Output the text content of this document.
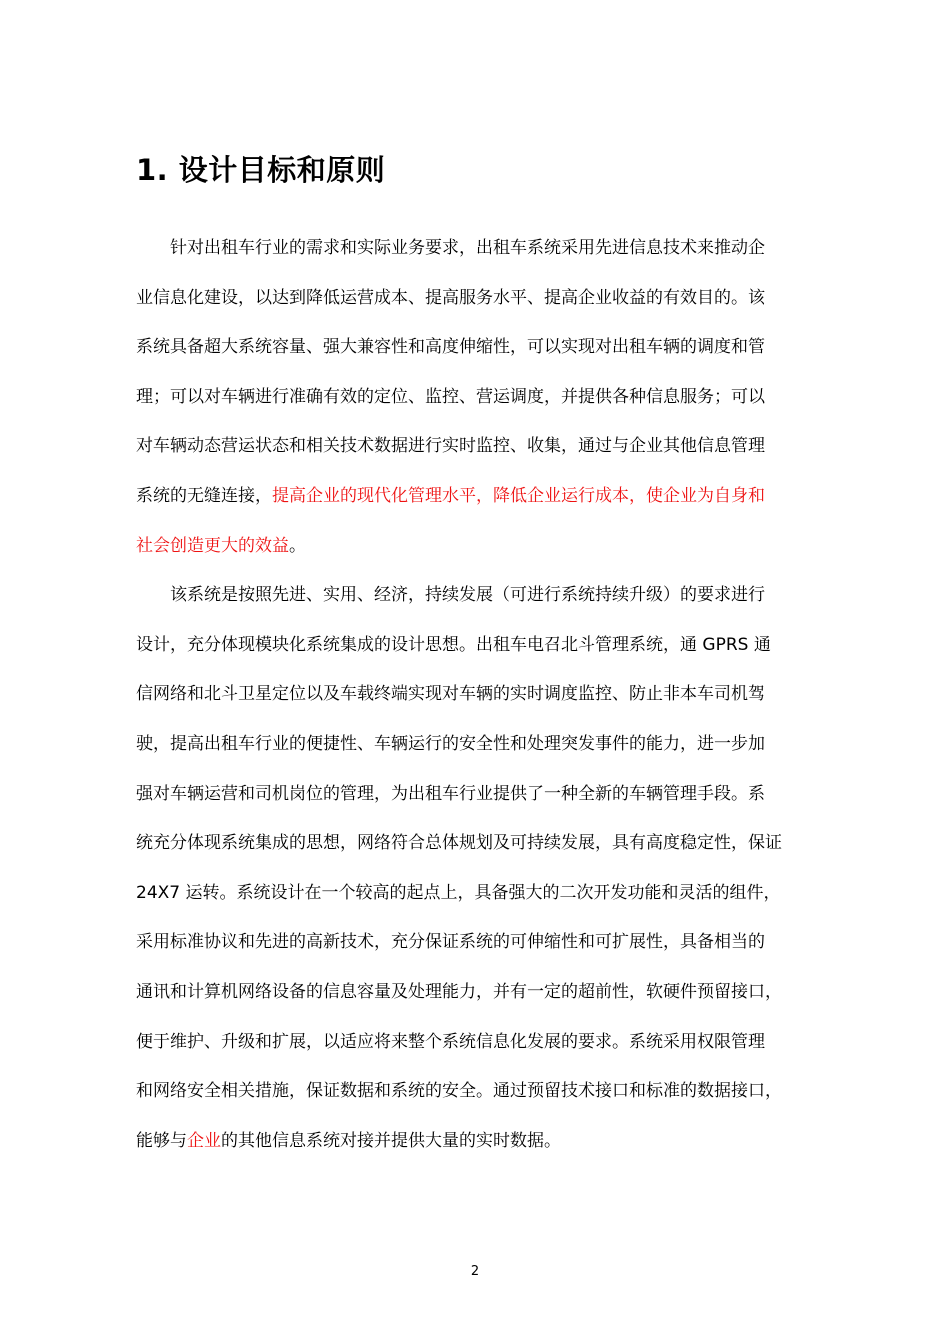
1. 设计目标和原则
针对出租车行业的需求和实际业务要求，出租车系统采用先进信息技术来推动企
业信息化建设，以达到降低运营成本、提高服务水平、提高企业收益的有效目的。该
系统具备超大系统容量、强大兼容性和高度伸缩性，可以实现对出租车辆的调度和管
理；可以对车辆进行准确有效的定位、监控、营运调度，并提供各种信息服务；可以
对车辆动态营运状态和相关技术数据进行实时监控、收集，通过与企业其他信息管理
系统的无缝连接，提高企业的现代化管理水平，降低企业运行成本，使企业为自身和
社会创造更大的效益。
该系统是按照先进、实用、经济，持续发展（可进行系统持续升级）的要求进行
设计，充分体现模块化系统集成的设计思想。出租车电召北斗管理系统，通 GPRS 通
信网络和北斗卫星定位以及车载终端实现对车辆的实时调度监控、防止非本车司机驾
驶，提高出租车行业的便捷性、车辆运行的安全性和处理突发事件的能力，进一步加
强对车辆运营和司机岗位的管理，为出租车行业提供了一种全新的车辆管理手段。系
统充分体现系统集成的思想，网络符合总体规划及可持续发展，具有高度稳定性，保证
24X7 运转。系统设计在一个较高的起点上，具备强大的二次开发功能和灵活的组件，
采用标准协议和先进的高新技术，充分保证系统的可伸缩性和可扩展性，具备相当的
通讯和计算机网络设备的信息容量及处理能力，并有一定的超前性，软硬件预留接口，
便于维护、升级和扩展，以适应将来整个系统信息化发展的要求。系统采用权限管理
和网络安全相关措施，保证数据和系统的安全。通过预留技术接口和标准的数据接口，
能够与企业的其他信息系统对接并提供大量的实时数据。
2
